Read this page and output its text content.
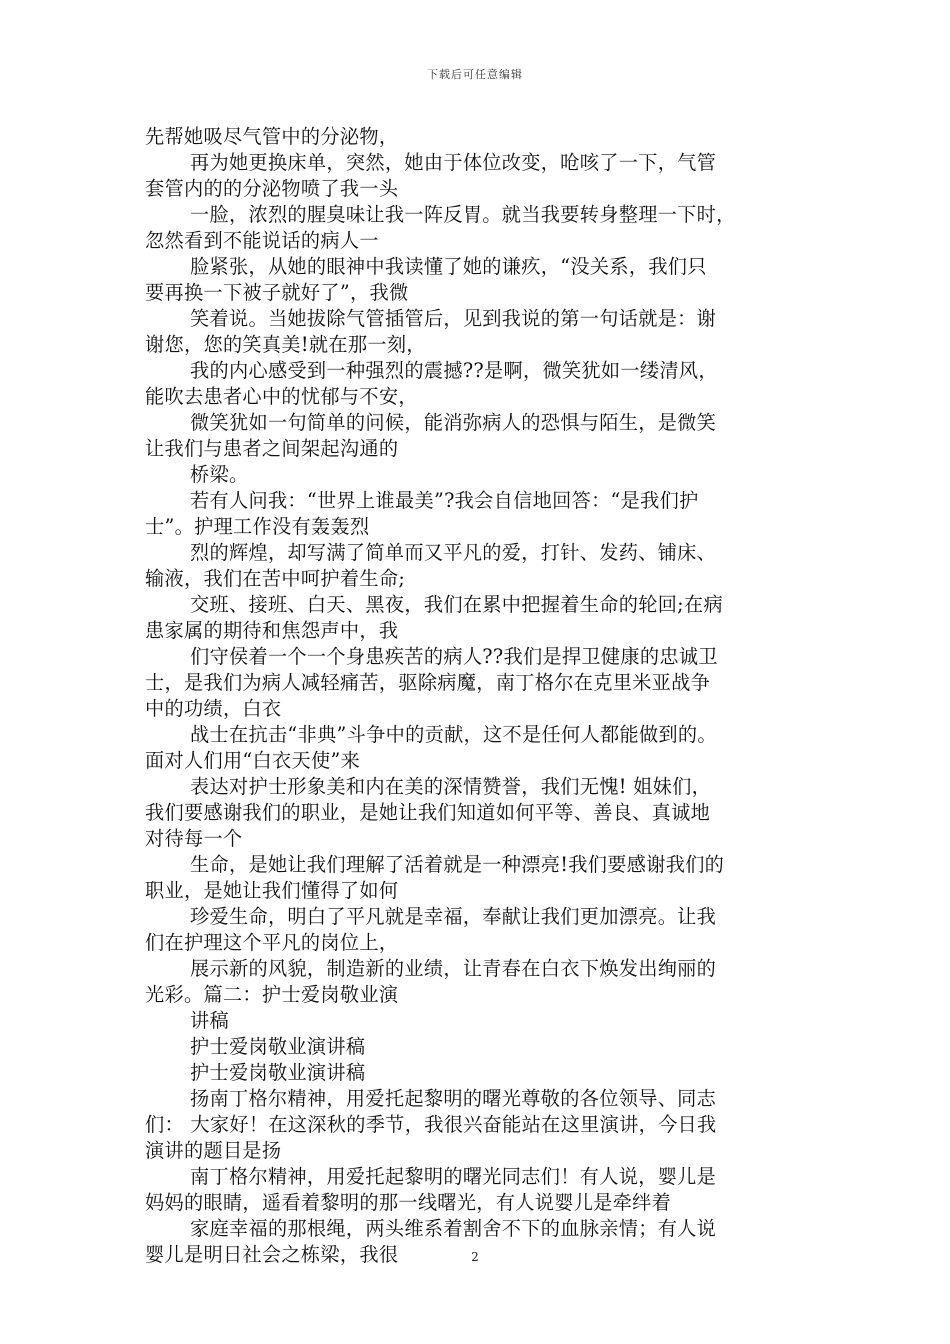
下载后可任意编辑
先帮她吸尽气管中的分泌物，
再为她更换床单，突然，她由于体位改变，呛咳了一下，气管
套管内的的分泌物喷了我一头
一脸，浓烈的腥臭味让我一阵反胃。就当我要转身整理一下时，
忽然看到不能说话的病人一
脸紧张，从她的眼神中我读懂了她的谦疚，“没关系，我们只
要再换一下被子就好了”，我微
笑着说。当她拔除气管插管后，见到我说的第一句话就是：谢
谢您，您的笑真美!就在那一刻，
我的内心感受到一种强烈的震撼??是啊，微笑犹如一缕清风，
能吹去患者心中的忧郁与不安，
微笑犹如一句简单的问候，能消弥病人的恐惧与陌生，是微笑
让我们与患者之间架起沟通的
桥梁。
若有人问我：“世界上谁最美”?我会自信地回答：“是我们护
士”。护理工作没有轰轰烈
烈的辉煌，却写满了简单而又平凡的爱，打针、发药、铺床、
输液，我们在苦中呵护着生命;
交班、接班、白天、黑夜，我们在累中把握着生命的轮回;在病
患家属的期待和焦怨声中，我
们守侯着一个一个身患疾苦的病人??我们是捍卫健康的忠诚卫
士，是我们为病人减轻痛苦，驱除病魔，南丁格尔在克里米亚战争
中的功绩，白衣
战士在抗击“非典”斗争中的贡献，这不是任何人都能做到的。
面对人们用“白衣天使”来
表达对护士形象美和内在美的深情赞誉，我们无愧! 姐妹们，
我们要感谢我们的职业，是她让我们知道如何平等、善良、真诚地
对待每一个
生命，是她让我们理解了活着就是一种漂亮!我们要感谢我们的
职业，是她让我们懂得了如何
珍爱生命，明白了平凡就是幸福，奉献让我们更加漂亮。让我
们在护理这个平凡的岗位上，
展示新的风貌，制造新的业绩，让青春在白衣下焕发出绚丽的
光彩。篇二：护士爱岗敬业演
讲稿
护士爱岗敬业演讲稿
护士爱岗敬业演讲稿
扬南丁格尔精神，用爱托起黎明的曙光尊敬的各位领导、同志
们： 大家好！在这深秋的季节，我很兴奋能站在这里演讲，今日我
演讲的题目是扬
南丁格尔精神，用爱托起黎明的曙光同志们！有人说，婴儿是
妈妈的眼睛，遥看着黎明的那一线曙光，有人说婴儿是牵绊着
家庭幸福的那根绳，两头维系着割舍不下的血脉亲情；有人说
婴儿是明日社会之栋梁，我很	2
